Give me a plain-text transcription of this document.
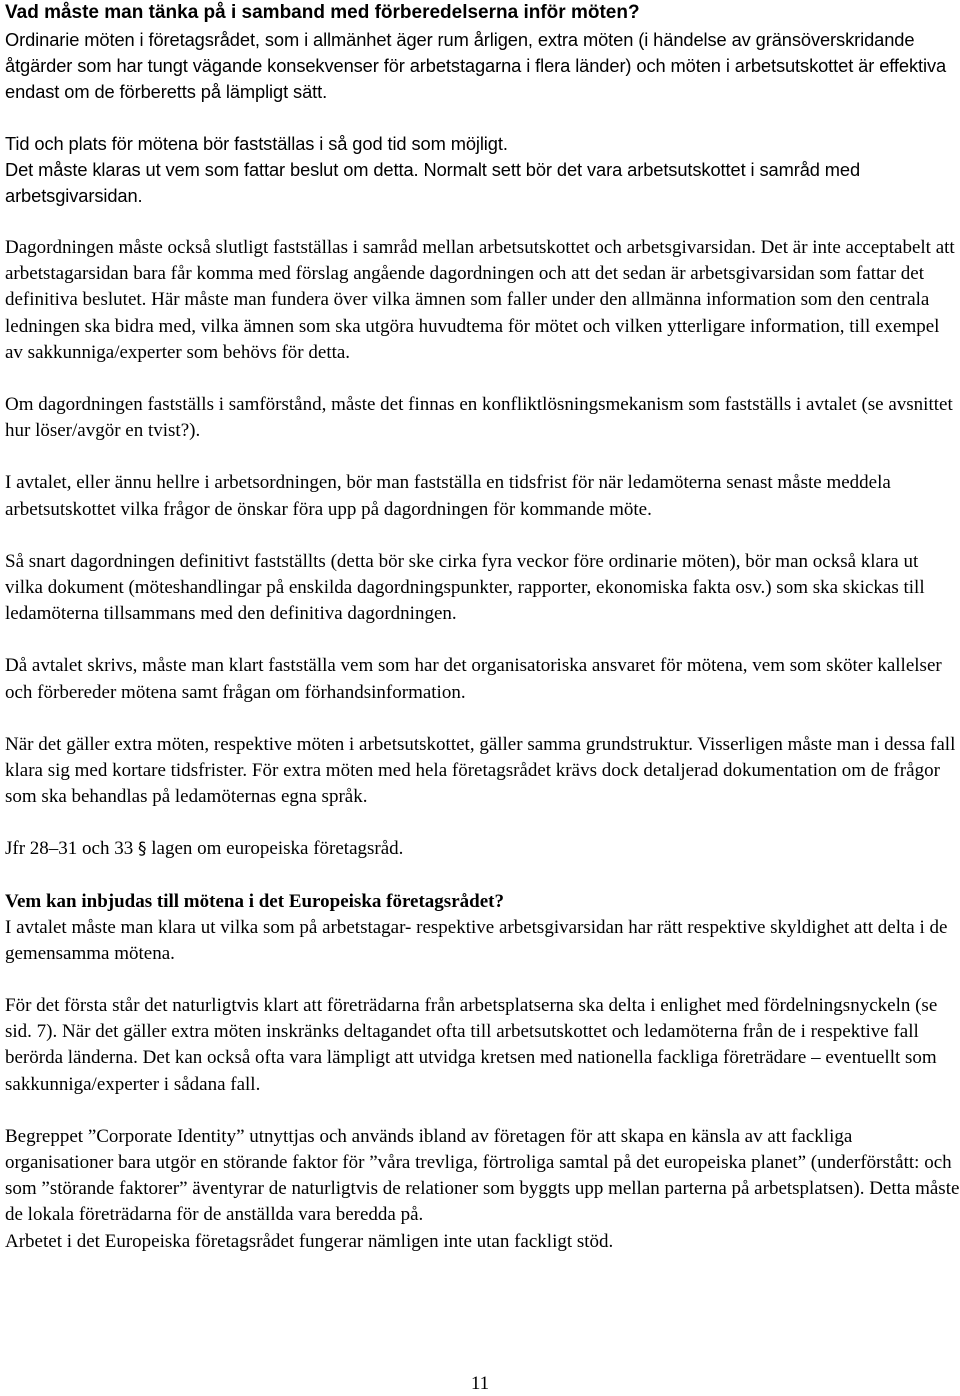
Vad måste man tänka på i samband med förberedelserna inför möten?

Ordinarie möten i företagsrådet, som i allmänhet äger rum årligen, extra möten (i händelse av gränsöverskridande åtgärder som har tungt vägande konsekvenser för arbetstagarna i flera länder) och möten i arbetsutskottet är effektiva endast om de förberetts på lämpligt sätt.

Tid och plats för mötena bör fastställas i så god tid som möjligt.

Det måste klaras ut vem som fattar beslut om detta. Normalt sett bör det vara arbetsutskottet i samråd med arbetsgivarsidan.

Dagordningen måste också slutligt fastställas i samråd mellan arbetsutskottet och arbetsgivarsidan. Det är inte acceptabelt att arbetstagarsidan bara får komma med förslag angående dagordningen och att det sedan är arbetsgivarsidan som fattar det definitiva beslutet. Här måste man fundera över vilka ämnen som faller under den allmänna information som den centrala ledningen ska bidra med, vilka ämnen som ska utgöra huvudtema för mötet och vilken ytterligare information, till exempel av sakkunniga/experter som behövs för detta.

Om dagordningen fastställs i samförstånd, måste det finnas en konfliktlösningsmekanism som fastställs i avtalet (se avsnittet hur löser/avgör en tvist?).

I avtalet, eller ännu hellre i arbetsordningen, bör man fastställa en tidsfrist för när ledamöterna senast måste meddela arbetsutskottet vilka frågor de önskar föra upp på dagordningen för kommande möte.

Så snart dagordningen definitivt fastställts (detta bör ske cirka fyra veckor före ordinarie möten), bör man också klara ut vilka dokument (möteshandlingar på enskilda dagordningspunkter, rapporter, ekonomiska fakta osv.) som ska skickas till ledamöterna tillsammans med den definitiva dagordningen.

Då avtalet skrivs, måste man klart fastställa vem som har det organisatoriska ansvaret för mötena, vem som sköter kallelser och förbereder mötena samt frågan om förhandsinformation.

När det gäller extra möten, respektive möten i arbetsutskottet, gäller samma grundstruktur. Visserligen måste man i dessa fall klara sig med kortare tidsfrister. För extra möten med hela företagsrådet krävs dock detaljerad dokumentation om de frågor som ska behandlas på ledamöternas egna språk.

Jfr 28–31 och 33 § lagen om europeiska företagsråd.

Vem kan inbjudas till mötena i det Europeiska företagsrådet?

I avtalet måste man klara ut vilka som på arbetstagar- respektive arbetsgivarsidan har rätt respektive skyldighet att delta i de gemensamma mötena.

För det första står det naturligtvis klart att företrädarna från arbetsplatserna ska delta i enlighet med fördelningsnyckeln (se sid. 7). När det gäller extra möten inskränks deltagandet ofta till arbetsutskottet och ledamöterna från de i respektive fall berörda länderna. Det kan också ofta vara lämpligt att utvidga kretsen med nationella fackliga företrädare – eventuellt som sakkunniga/experter i sådana fall.

Begreppet ”Corporate Identity” utnyttjas och används ibland av företagen för att skapa en känsla av att fackliga organisationer bara utgör en störande faktor för ”våra trevliga, förtroliga samtal på det europeiska planet” (underförstått: och som ”störande faktorer” äventyrar de naturligtvis de relationer som byggts upp mellan parterna på arbetsplatsen). Detta måste de lokala företrädarna för de anställda vara beredda på.

Arbetet i det Europeiska företagsrådet fungerar nämligen inte utan fackligt stöd.

11
